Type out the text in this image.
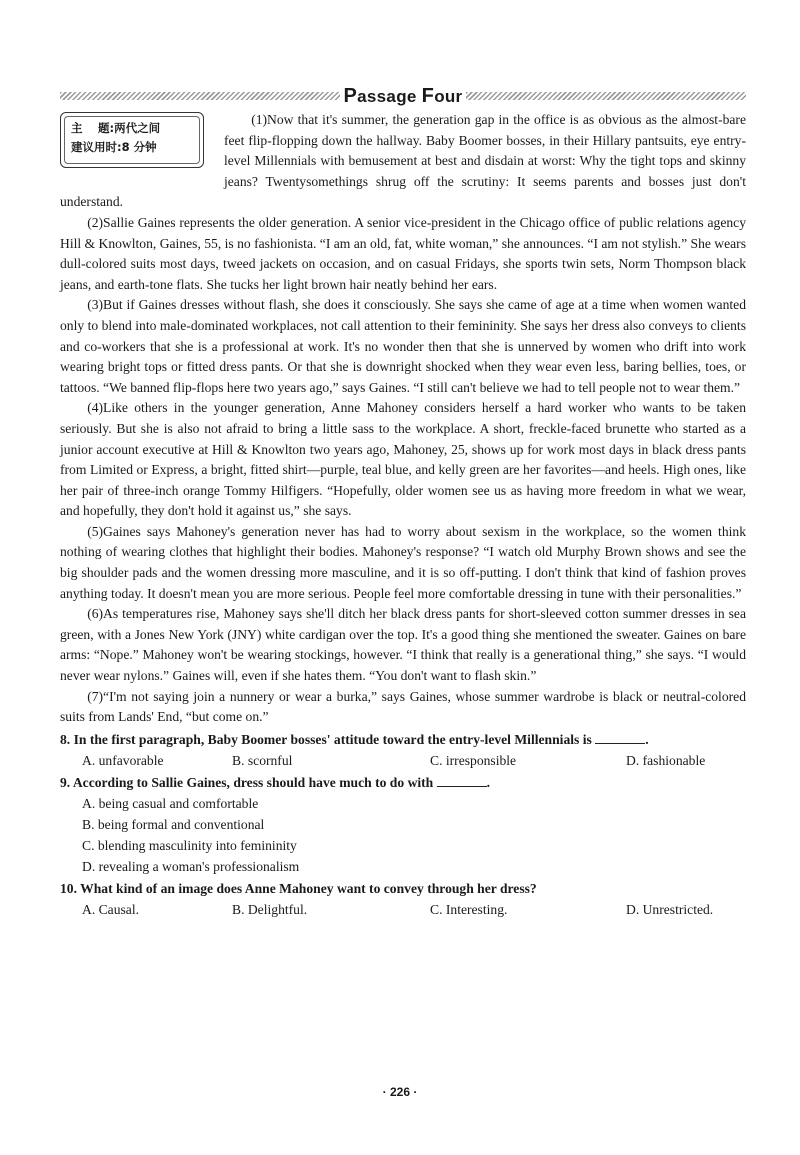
Passage Four
主　 题:两代之间
建议用时:8 分钟

(1)Now that it's summer, the generation gap in the office is as obvious as the almost-bare feet flip-flopping down the hallway. Baby Boomer bosses, in their Hillary pantsuits, eye entry-level Millennials with bemusement at best and disdain at worst: Why the tight tops and skinny jeans? Twentysomethings shrug off the scrutiny: It seems parents and bosses just don't understand.

(2)Sallie Gaines represents the older generation. A senior vice-president in the Chicago office of public relations agency Hill & Knowlton, Gaines, 55, is no fashionista. “I am an old, fat, white woman,” she announces. “I am not stylish.” She wears dull-colored suits most days, tweed jackets on occasion, and on casual Fridays, she sports twin sets, Norm Thompson black jeans, and earth-tone flats. She tucks her light brown hair neatly behind her ears.

(3)But if Gaines dresses without flash, she does it consciously. She says she came of age at a time when women wanted only to blend into male-dominated workplaces, not call attention to their femininity. She says her dress also conveys to clients and co-workers that she is a professional at work. It's no wonder then that she is unnerved by women who drift into work wearing bright tops or fitted dress pants. Or that she is downright shocked when they wear even less, baring bellies, toes, or tattoos. “We banned flip-flops here two years ago,” says Gaines. “I still can't believe we had to tell people not to wear them.”

(4)Like others in the younger generation, Anne Mahoney considers herself a hard worker who wants to be taken seriously. But she is also not afraid to bring a little sass to the workplace. A short, freckle-faced brunette who started as a junior account executive at Hill & Knowlton two years ago, Mahoney, 25, shows up for work most days in black dress pants from Limited or Express, a bright, fitted shirt—purple, teal blue, and kelly green are her favorites—and heels. High ones, like her pair of three-inch orange Tommy Hilfigers. “Hopefully, older women see us as having more freedom in what we wear, and hopefully, they don't hold it against us,” she says.

(5)Gaines says Mahoney's generation never has had to worry about sexism in the workplace, so the women think nothing of wearing clothes that highlight their bodies. Mahoney's response? “I watch old Murphy Brown shows and see the big shoulder pads and the women dressing more masculine, and it is so off-putting. I don't think that kind of fashion proves anything today. It doesn't mean you are more serious. People feel more comfortable dressing in tune with their personalities.”

(6)As temperatures rise, Mahoney says she'll ditch her black dress pants for short-sleeved cotton summer dresses in sea green, with a Jones New York (JNY) white cardigan over the top. It's a good thing she mentioned the sweater. Gaines on bare arms: “Nope.” Mahoney won't be wearing stockings, however. “I think that really is a generational thing,” she says. “I would never wear nylons.” Gaines will, even if she hates them. “You don't want to flash skin.”

(7)“I'm not saying join a nunnery or wear a burka,” says Gaines, whose summer wardrobe is black or neutral-colored suits from Lands' End, “but come on.”

8. In the first paragraph, Baby Boomer bosses' attitude toward the entry-level Millennials is	.
A. unfavorable	B. scornful	C. irresponsible	D. fashionable
9. According to Sallie Gaines, dress should have much to do with	.
A. being casual and comfortable
B. being formal and conventional
C. blending masculinity into femininity
D. revealing a woman's professionalism
10. What kind of an image does Anne Mahoney want to convey through her dress?
A. Causal.	B. Delightful.	C. Interesting.	D. Unrestricted.
· 226 ·
